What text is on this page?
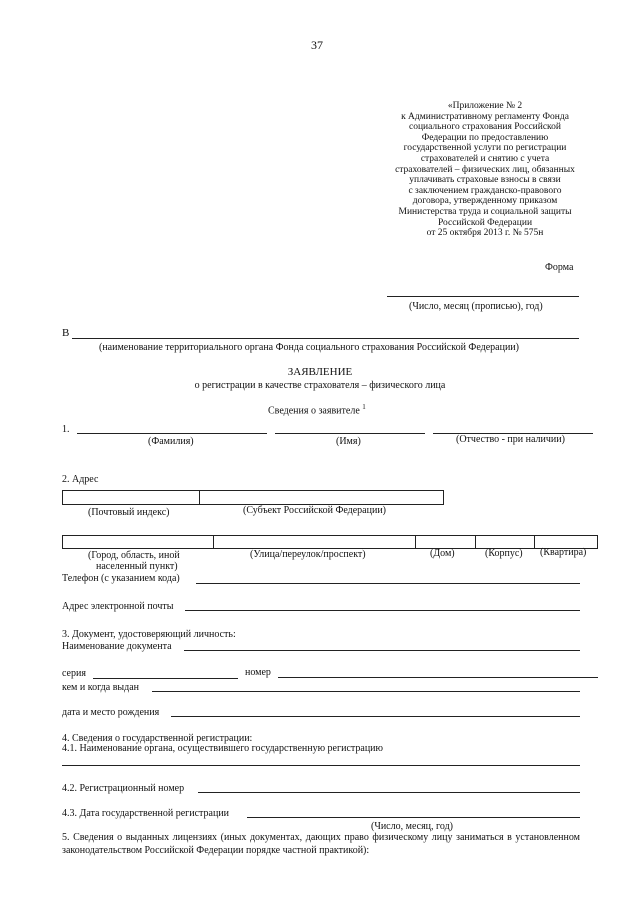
37
«Приложение № 2
к Административному регламенту Фонда
социального страхования Российской
Федерации по предоставлению
государственной услуги по регистрации
страхователей и снятию с учета
страхователей – физических лиц, обязанных
уплачивать страховые взносы в связи
с заключением гражданско-правового
договора, утвержденному приказом
Министерства труда и социальной защиты
Российской Федерации
от 25 октября 2013 г. № 575н
Форма
(Число, месяц (прописью), год)
В
(наименование территориального органа Фонда социального страхования Российской Федерации)
ЗАЯВЛЕНИЕ
о регистрации в качестве страхователя – физического лица
Сведения о заявителе $^1$
1.
(Фамилия)	(Имя)	(Отчество - при наличии)
2. Адрес
(Почтовый индекс)	(Субъект Российской Федерации)
(Город, область, иной
населенный пункт)
(Улица/переулок/проспект)	(Дом)	(Корпус) (Квартира)
Телефон (с указанием кода)
Адрес электронной почты
3. Документ, удостоверяющий личность:
Наименование документа
серия	номер
кем и когда выдан
дата и место рождения
4. Сведения о государственной регистрации:
4.1. Наименование органа, осуществившего государственную регистрацию
4.2. Регистрационный номер
4.3. Дата государственной регистрации
(Число, месяц, год)
5. Сведения о выданных лицензиях (иных документах, дающих право физическому лицу заниматься в установленном законодательством Российской Федерации порядке частной практикой):
